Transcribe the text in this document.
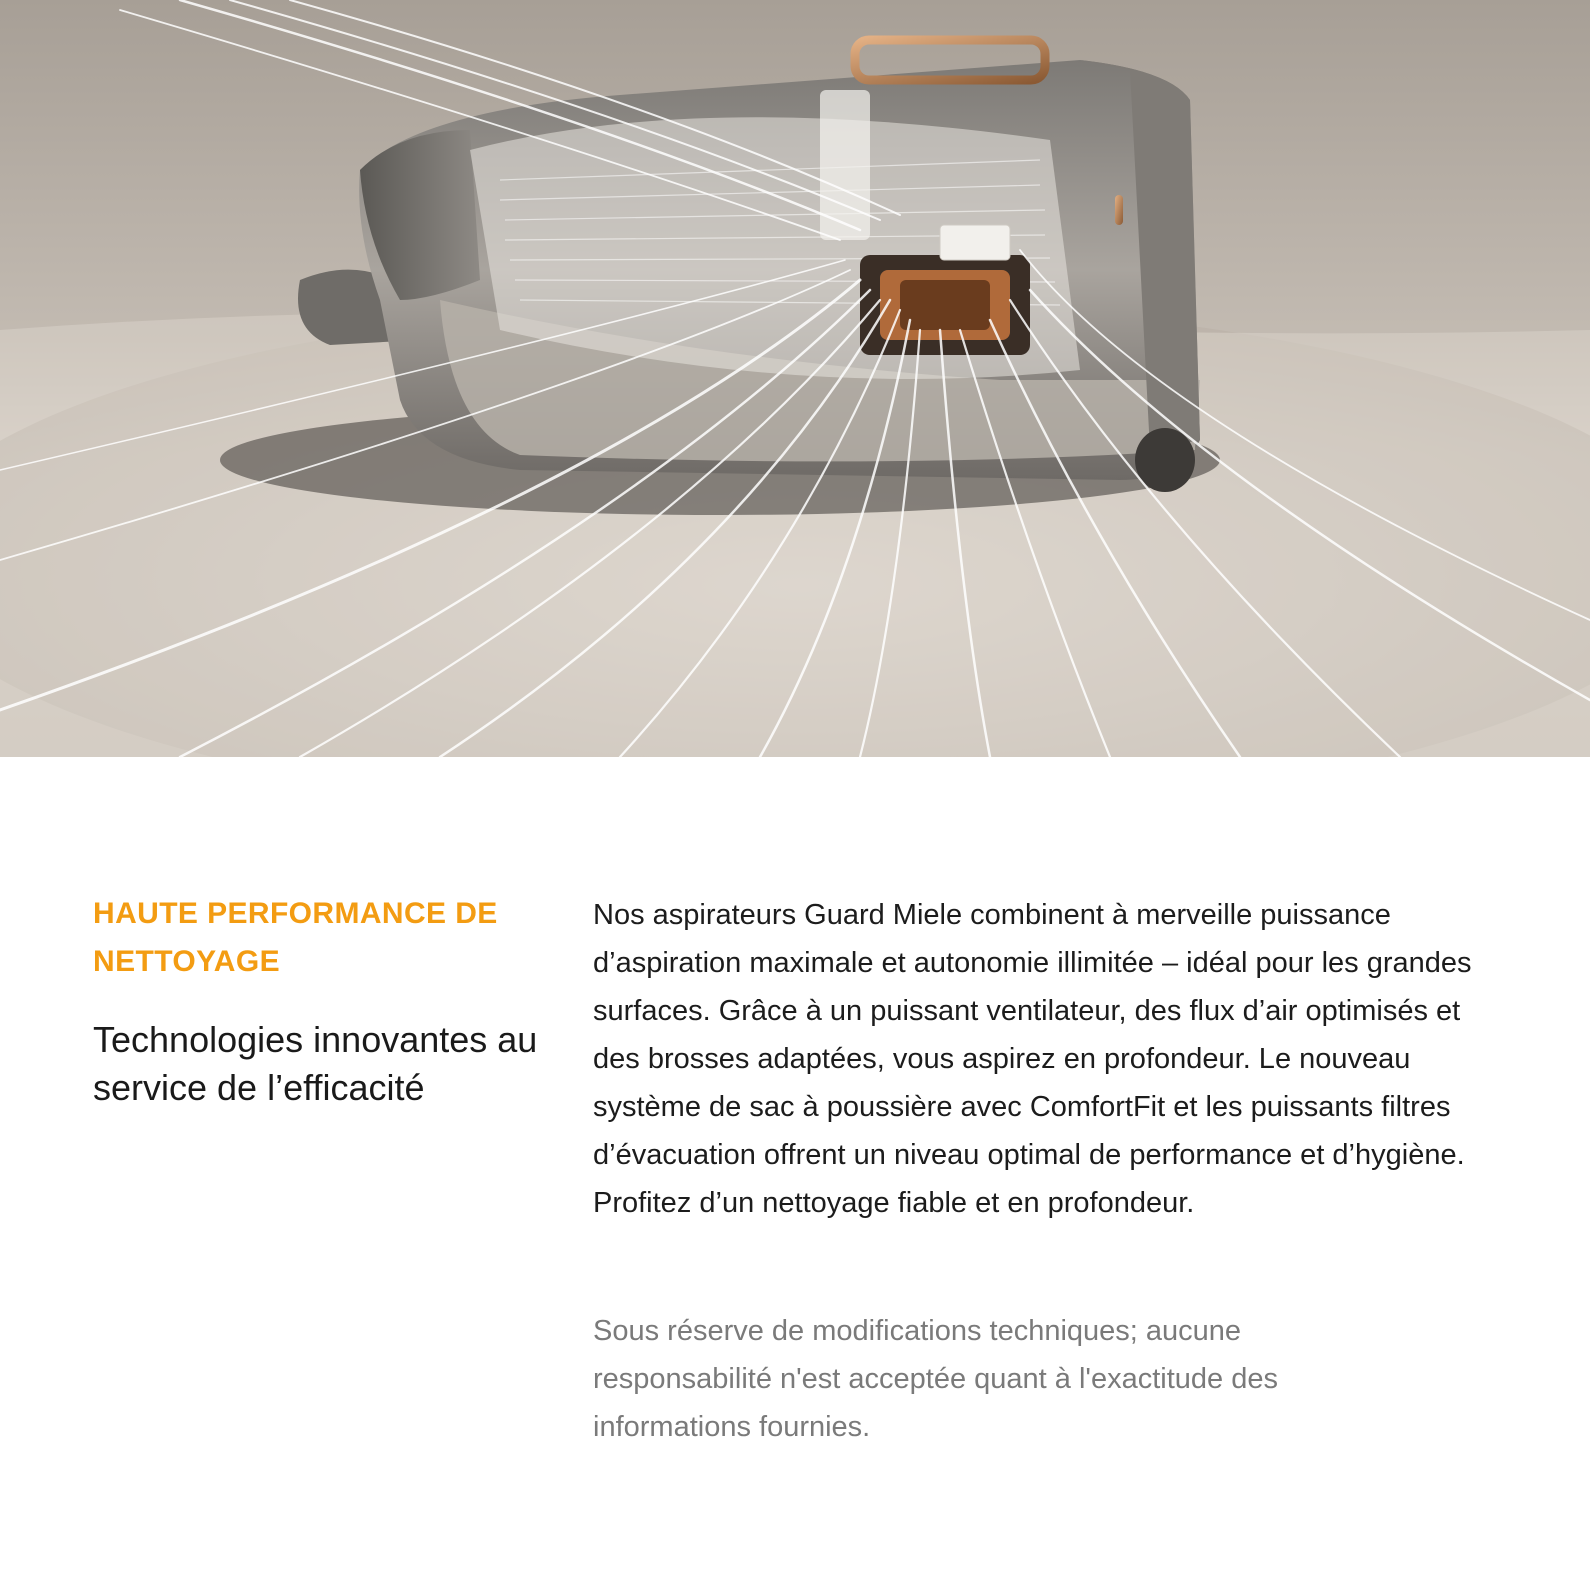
HAUTE PERFORMANCE DE NETTOYAGE
Technologies innovantes au service de l’efficacité

Nos aspirateurs Guard Miele combinent à merveille puissance d’aspiration maximale et autonomie illimitée – idéal pour les grandes surfaces. Grâce à un puissant ventilateur, des flux d’air optimisés et des brosses adaptées, vous aspirez en profondeur. Le nouveau système de sac à poussière avec ComfortFit et les puissants filtres d’évacuation offrent un niveau optimal de performance et d’hygiène. Profitez d’un nettoyage fiable et en profondeur.

Sous réserve de modifications techniques; aucune responsabilité n'est acceptée quant à l'exactitude des informations fournies.
